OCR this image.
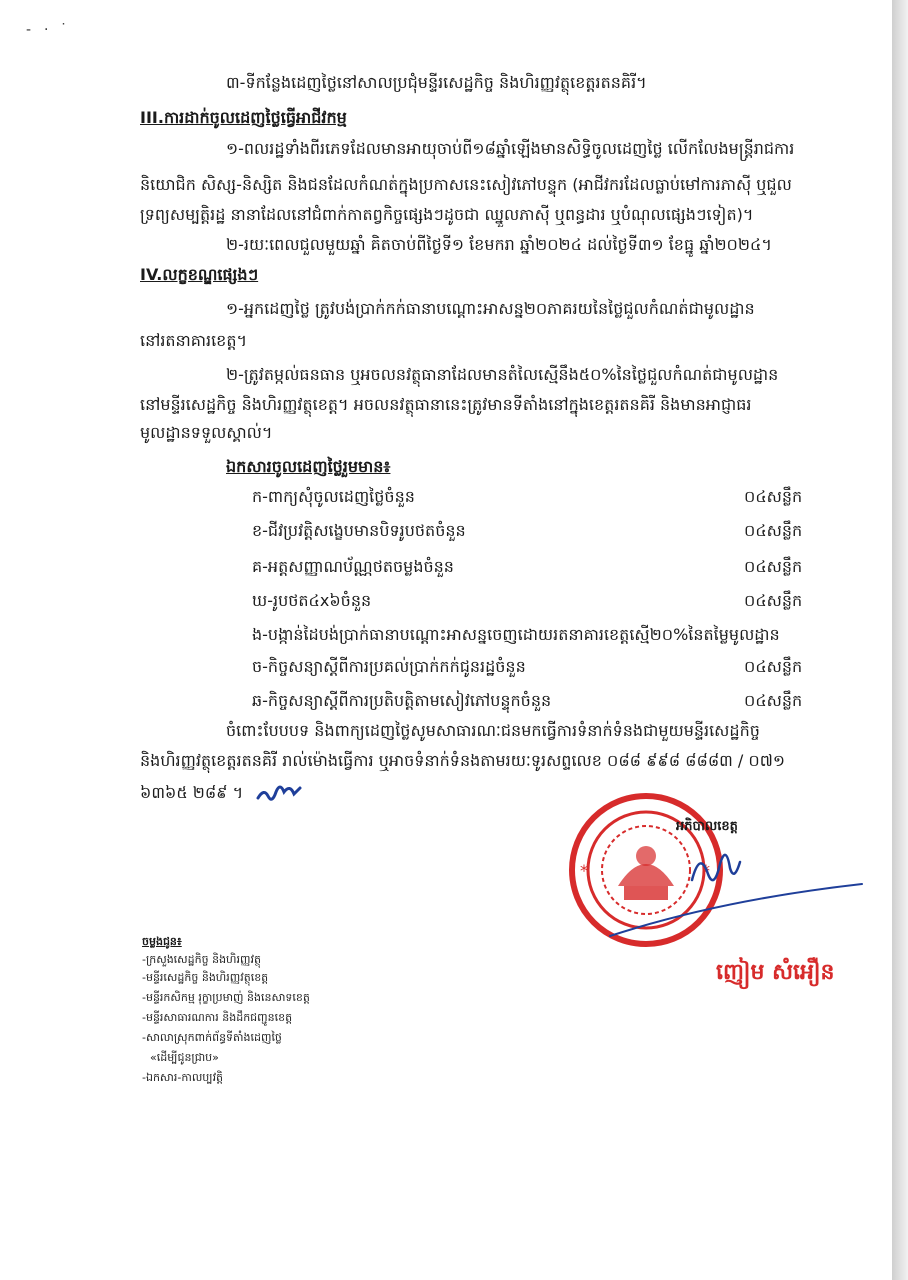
- · ˙
៣-ទីកន្លែងដេញថ្លៃនៅសាលប្រជុំមន្ទីរសេដ្ឋកិច្ច និងហិរញ្ញវត្ថុខេត្តរតនគិរី។
III.ការដាក់ចូលដេញថ្លៃធ្វើអាជីវកម្ម
១-ពលរដ្ឋទាំងពីរភេទដែលមានអាយុចាប់ពី១៨ឆ្នាំឡើងមានសិទ្ធិចូលដេញថ្លៃ លើកលែងមន្ត្រីរាជការ
និយោជិក សិស្ស-និស្សិត និងជនដែលកំណត់ក្នុងប្រកាសនេះសៀវភៅបន្ទុក (អាជីវករដែលធ្លាប់មៅការភាស៊ី ឬជួល
ទ្រព្យសម្បត្តិរដ្ឋ នានាដែលនៅជំពាក់កាតព្វកិច្ចផ្សេងៗដូចជា ឈ្នួលភាស៊ី ឬពន្ធដារ ឬបំណុលផ្សេងៗទៀត)។
២-រយៈពេលជួលមួយឆ្នាំ គិតចាប់ពីថ្ងៃទី១ ខែមករា ឆ្នាំ២០២៤ ដល់ថ្ងៃទី៣១ ខែធ្នូ ឆ្នាំ២០២៤។
IV.លក្ខខណ្ឌផ្សេងៗ
១-អ្នកដេញថ្លៃ ត្រូវបង់ប្រាក់កក់ធានាបណ្ដោះអាសន្ន២០ភាគរយនៃថ្លៃជួលកំណត់ជាមូលដ្ឋាន
នៅរតនាគារខេត្ត។
២-ត្រូវតម្កល់ធនធាន ឬអចលនវត្ថុធានាដែលមានតំលៃស្មើនឹង៥០%នៃថ្លៃជួលកំណត់ជាមូលដ្ឋាន
នៅមន្ទីរសេដ្ឋកិច្ច និងហិរញ្ញវត្ថុខេត្ត។ អចលនវត្ថុធានានេះត្រូវមានទីតាំងនៅក្នុងខេត្តរតនគិរី និងមានអាជ្ញាធរ
មូលដ្ឋានទទួលស្គាល់។
ឯកសារចូលដេញថ្លៃរួមមាន៖
ក-ពាក្យសុំចូលដេញថ្លៃចំនួន	០៤សន្លឹក
ខ-ជីវប្រវត្តិសង្ខេបមានបិទរូបថតចំនួន	០៤សន្លឹក
គ-អត្តសញ្ញាណប័ណ្ណថតចម្លងចំនួន	០៤សន្លឹក
ឃ-រូបថត៤x៦ចំនួន	០៤សន្លឹក
ង-បង្កាន់ដៃបង់ប្រាក់ធានាបណ្ដោះអាសន្នចេញដោយរតនាគារខេត្តស្មើ២០%នៃតម្លៃមូលដ្ឋាន
ច-កិច្ចសន្យាស្ដីពីការប្រគល់ប្រាក់កក់ជូនរដ្ឋចំនួន	០៤សន្លឹក
ឆ-កិច្ចសន្យាស្ដីពីការប្រតិបត្តិតាមសៀវភៅបន្ទុកចំនួន	០៤សន្លឹក
ចំពោះបែបបទ និងពាក្យដេញថ្លៃសូមសាធារណៈជនមកធ្វើការទំនាក់ទំនងជាមួយមន្ទីរសេដ្ឋកិច្ច
និងហិរញ្ញវត្ថុខេត្តរតនគិរី រាល់ម៉ោងធ្វើការ ឬអាចទំនាក់ទំនងតាមរយៈទូរសព្ទលេខ ០៨៨ ៩៩៨ ៨៨៨៣ / ០៧១
៦៣៦៥ ២៨៩ ។
*	*
អភិបាលខេត្ត
ញៀម សំអឿន
ចម្លងជូន៖
-ក្រសួងសេដ្ឋកិច្ច និងហិរញ្ញវត្ថុ
-មន្ទីរសេដ្ឋកិច្ច និងហិរញ្ញវត្ថុខេត្ត
-មន្ទីរកសិកម្ម រុក្ខាប្រមាញ់ និងនេសាទខេត្ត
-មន្ទីរសាធារណការ និងដឹកជញ្ជូនខេត្ត
-សាលាស្រុកពាក់ព័ន្ធទីតាំងដេញថ្លៃ
«ដើម្បីជូនជ្រាប»
-ឯកសារ-កាលប្បវត្តិ
